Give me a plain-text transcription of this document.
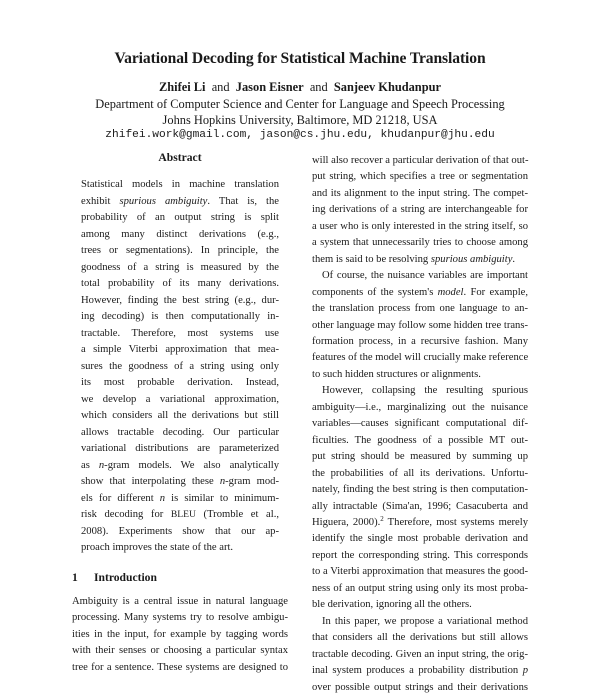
Variational Decoding for Statistical Machine Translation
Zhifei Li and Jason Eisner and Sanjeev Khudanpur
Department of Computer Science and Center for Language and Speech Processing
Johns Hopkins University, Baltimore, MD 21218, USA
zhifei.work@gmail.com, jason@cs.jhu.edu, khudanpur@jhu.edu
Abstract
Statistical models in machine translation
exhibit spurious ambiguity. That is, the
probability of an output string is split
among many distinct derivations (e.g.,
trees or segmentations). In principle, the
goodness of a string is measured by the
total probability of its many derivations.
However, finding the best string (e.g., dur-
ing decoding) is then computationally in-
tractable. Therefore, most systems use
a simple Viterbi approximation that mea-
sures the goodness of a string using only
its most probable derivation. Instead,
we develop a variational approximation,
which considers all the derivations but still
allows tractable decoding. Our particular
variational distributions are parameterized
as n-gram models. We also analytically
show that interpolating these n-gram mod-
els for different n is similar to minimum-
risk decoding for BLEU (Tromble et al.,
2008). Experiments show that our ap-
proach improves the state of the art.
1 Introduction
Ambiguity is a central issue in natural language
processing. Many systems try to resolve ambigu-
ities in the input, for example by tagging words
with their senses or choosing a particular syntax
tree for a sentence. These systems are designed to
will also recover a particular derivation of that out-
put string, which specifies a tree or segmentation
and its alignment to the input string. The compet-
ing derivations of a string are interchangeable for
a user who is only interested in the string itself, so
a system that unnecessarily tries to choose among
them is said to be resolving spurious ambiguity.
Of course, the nuisance variables are important
components of the system's model. For example,
the translation process from one language to an-
other language may follow some hidden tree trans-
formation process, in a recursive fashion. Many
features of the model will crucially make reference
to such hidden structures or alignments.
However, collapsing the resulting spurious
ambiguity—i.e., marginalizing out the nuisance
variables—causes significant computational dif-
ficulties. The goodness of a possible MT out-
put string should be measured by summing up
the probabilities of all its derivations. Unfortu-
nately, finding the best string is then computation-
ally intractable (Sima'an, 1996; Casacuberta and
Higuera, 2000).$^2$ Therefore, most systems merely
identify the single most probable derivation and
report the corresponding string. This corresponds
to a Viterbi approximation that measures the good-
ness of an output string using only its most proba-
ble derivation, ignoring all the others.
In this paper, we propose a variational method
that considers all the derivations but still allows
tractable decoding. Given an input string, the orig-
inal system produces a probability distribution p
over possible output strings and their derivations
